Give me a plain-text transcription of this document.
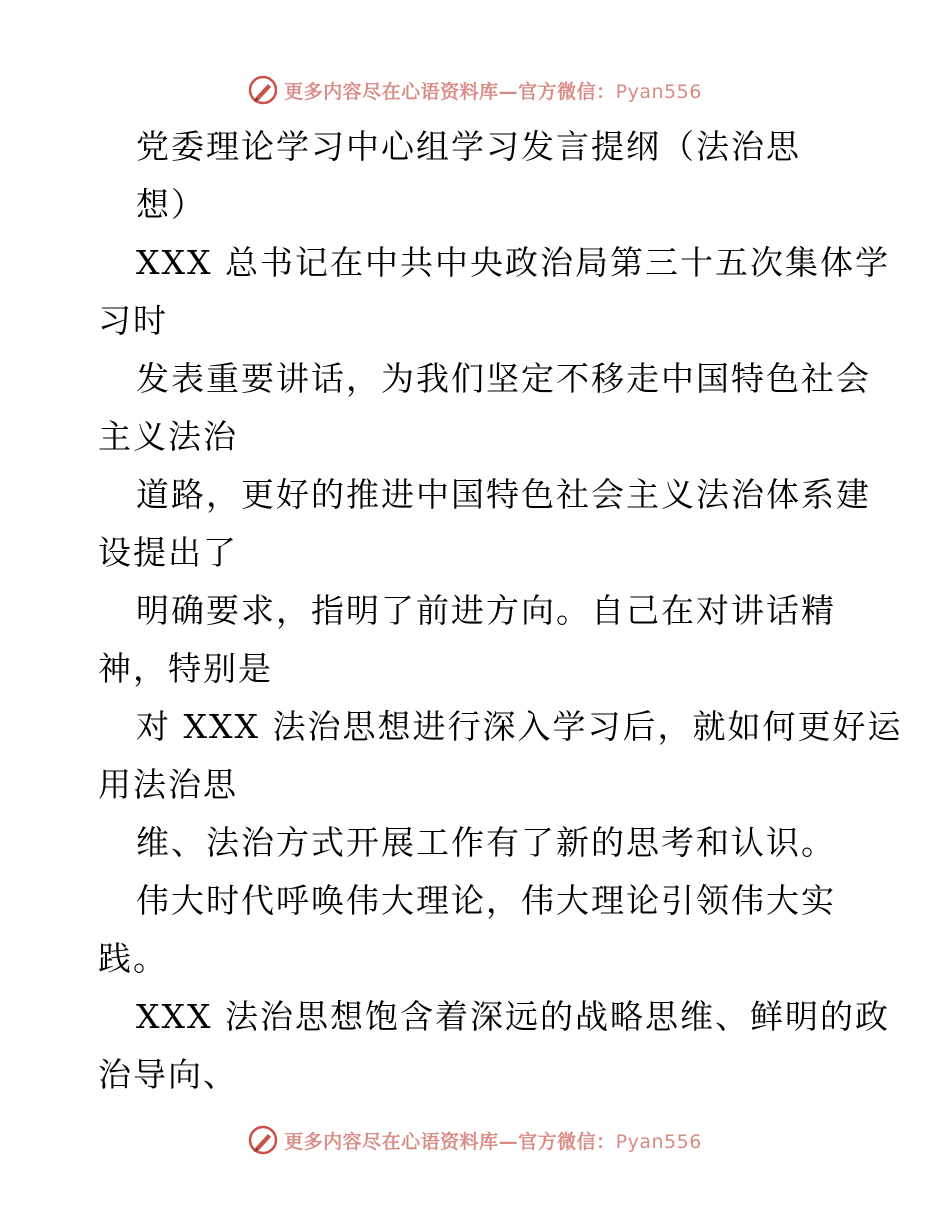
更多内容尽在心语资料库—官方微信：Pyan556
党委理论学习中心组学习发言提纲（法治思
想）
XXX 总书记在中共中央政治局第三十五次集体学
习时
发表重要讲话，为我们坚定不移走中国特色社会
主义法治
道路，更好的推进中国特色社会主义法治体系建
设提出了
明确要求，指明了前进方向。自己在对讲话精
神，特别是
对 XXX 法治思想进行深入学习后，就如何更好运
用法治思
维、法治方式开展工作有了新的思考和认识。
伟大时代呼唤伟大理论，伟大理论引领伟大实
践。
XXX 法治思想饱含着深远的战略思维、鲜明的政
治导向、
更多内容尽在心语资料库—官方微信：Pyan556
